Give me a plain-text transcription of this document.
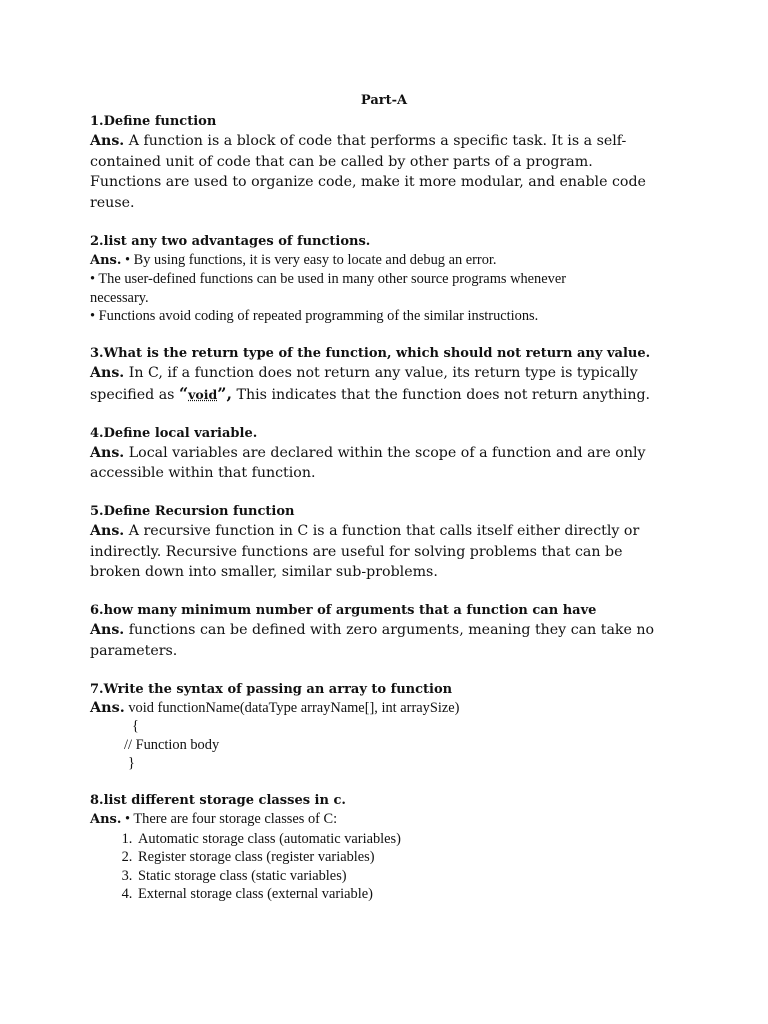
Part-A

1.Define function

Ans. A function is a block of code that performs a specific task. It is a self-
contained unit of code that can be called by other parts of a program.
Functions are used to organize code, make it more modular, and enable code
reuse.

2.list any two advantages of functions.

Ans. • By using functions, it is very easy to locate and debug an error.
• The user-defined functions can be used in many other source programs whenever
necessary.
• Functions avoid coding of repeated programming of the similar instructions.

3.What is the return type of the function, which should not return any value.

Ans. In C, if a function does not return any value, its return type is typically
specified as “void”, This indicates that the function does not return anything.

4.Define local variable.

Ans. Local variables are declared within the scope of a function and are only
accessible within that function.

5.Define Recursion function

Ans. A recursive function in C is a function that calls itself either directly or
indirectly. Recursive functions are useful for solving problems that can be
broken down into smaller, similar sub-problems.

6.how many minimum number of arguments that a function can have

Ans. functions can be defined with zero arguments, meaning they can take no
parameters.

7.Write the syntax of passing an array to function

Ans. void functionName(dataType arrayName[], int arraySize)

{

// Function body

}

8.list different storage classes in c.

Ans. • There are four storage classes of C:

1. Automatic storage class (automatic variables)
2. Register storage class (register variables)
3. Static storage class (static variables)
4. External storage class (external variable)
